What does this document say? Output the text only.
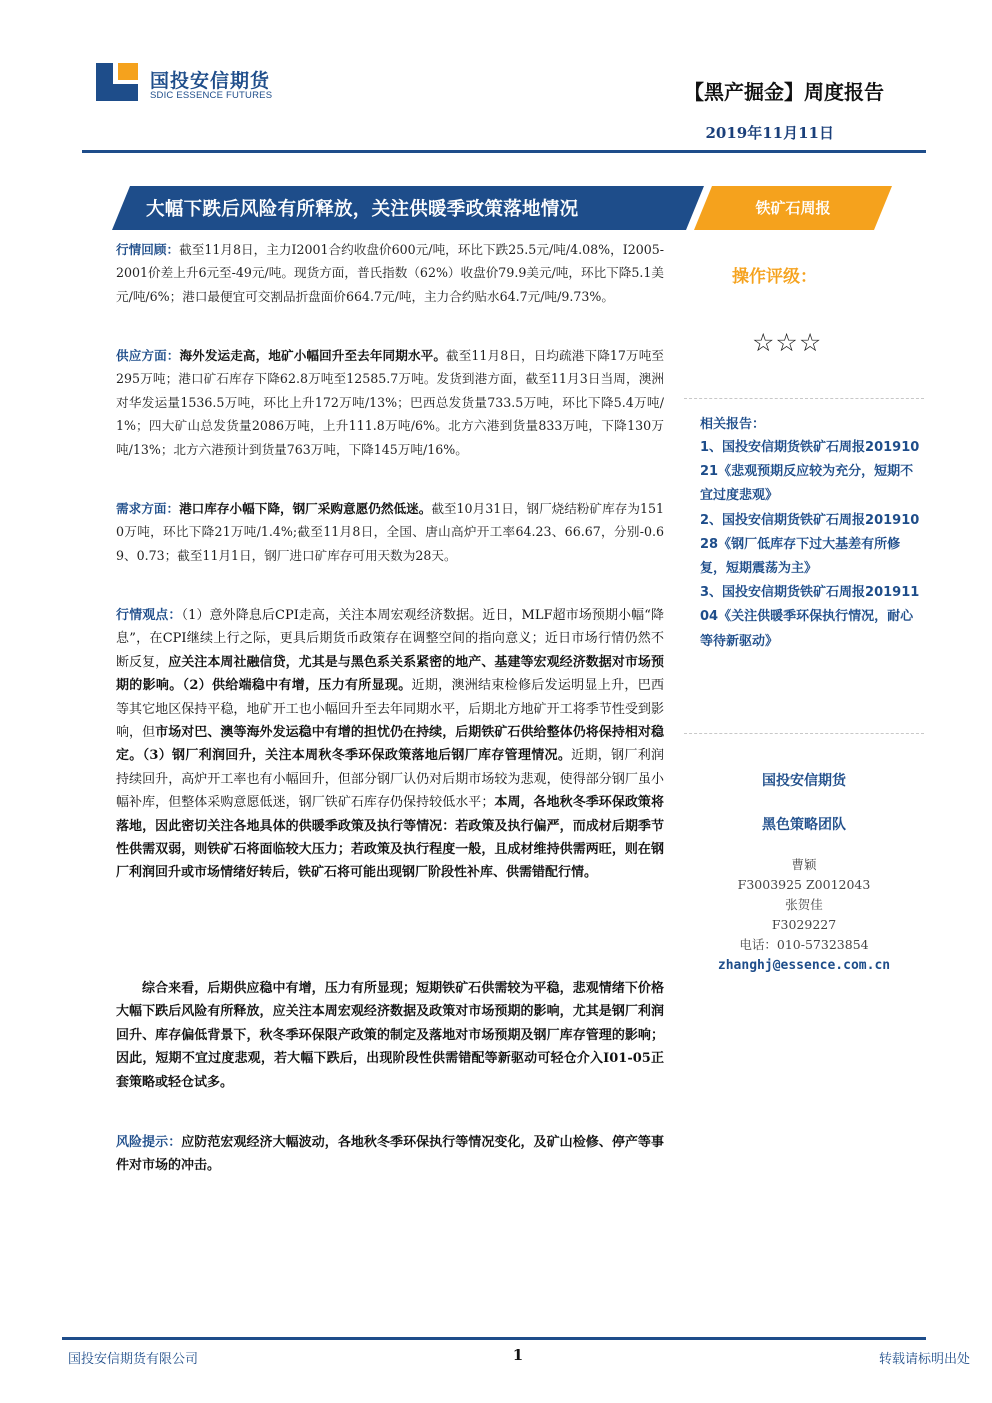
国投安信期货
SDIC ESSENCE FUTURES	【黑产掘金】周度报告
2019年11月11日
大幅下跌后风险有所释放，关注供暖季政策落地情况	铁矿石周报

行情回顾：截至11月8日，主力I2001合约收盘价600元/吨，环比下跌25.5元/吨/4.08%，I2005-2001价差上升6元至-49元/吨。现货方面，普氏指数（62%）收盘价79.9美元/吨，环比下降5.1美元/吨/6%；港口最便宜可交割品折盘面价664.7元/吨，主力合约贴水64.7元/吨/9.73%。

供应方面：海外发运走高，地矿小幅回升至去年同期水平。截至11月8日，日均疏港下降17万吨至295万吨；港口矿石库存下降62.8万吨至12585.7万吨。发货到港方面，截至11月3日当周，澳洲对华发运量1536.5万吨，环比上升172万吨/13%；巴西总发货量733.5万吨，环比下降5.4万吨/1%；四大矿山总发货量2086万吨，上升111.8万吨/6%。北方六港到货量833万吨，下降130万吨/13%；北方六港预计到货量763万吨，下降145万吨/16%。

需求方面：港口库存小幅下降，钢厂采购意愿仍然低迷。截至10月31日，钢厂烧结粉矿库存为1510万吨，环比下降21万吨/1.4%;截至11月8日，全国、唐山高炉开工率64.23、66.67，分别-0.69、0.73；截至11月1日，钢厂进口矿库存可用天数为28天。

行情观点：（1）意外降息后CPI走高，关注本周宏观经济数据。近日，MLF超市场预期小幅“降息”，在CPI继续上行之际，更具后期货币政策存在调整空间的指向意义；近日市场行情仍然不断反复，应关注本周社融信贷，尤其是与黑色系关系紧密的地产、基建等宏观经济数据对市场预期的影响。（2）供给端稳中有增，压力有所显现。近期，澳洲结束检修后发运明显上升，巴西等其它地区保持平稳，地矿开工也小幅回升至去年同期水平，后期北方地矿开工将季节性受到影响，但市场对巴、澳等海外发运稳中有增的担忧仍在持续，后期铁矿石供给整体仍将保持相对稳定。（3）钢厂利润回升，关注本周秋冬季环保政策落地后钢厂库存管理情况。近期，钢厂利润持续回升，高炉开工率也有小幅回升，但部分钢厂认仍对后期市场较为悲观，使得部分钢厂虽小幅补库，但整体采购意愿低迷，钢厂铁矿石库存仍保持较低水平；本周，各地秋冬季环保政策将落地，因此密切关注各地具体的供暖季政策及执行等情况：若政策及执行偏严，而成材后期季节性供需双弱，则铁矿石将面临较大压力；若政策及执行程度一般，且成材维持供需两旺，则在钢厂利润回升或市场情绪好转后，铁矿石将可能出现钢厂阶段性补库、供需错配行情。

综合来看，后期供应稳中有增，压力有所显现；短期铁矿石供需较为平稳，悲观情绪下价格大幅下跌后风险有所释放，应关注本周宏观经济数据及政策对市场预期的影响，尤其是钢厂利润回升、库存偏低背景下，秋冬季环保限产政策的制定及落地对市场预期及钢厂库存管理的影响；因此，短期不宜过度悲观，若大幅下跌后，出现阶段性供需错配等新驱动可轻仓介入I01-05正套策略或轻仓试多。

风险提示：应防范宏观经济大幅波动，各地秋冬季环保执行等情况变化，及矿山检修、停产等事件对市场的冲击。

操作评级：
☆☆☆
相关报告：
1、国投安信期货铁矿石周报20191021《悲观预期反应较为充分，短期不宜过度悲观》
2、国投安信期货铁矿石周报20191028《钢厂低库存下过大基差有所修复，短期震荡为主》
3、国投安信期货铁矿石周报20191104《关注供暖季环保执行情况，耐心等待新驱动》
国投安信期货
黑色策略团队
曹颖
F3003925 Z0012043
张贺佳
F3029227
电话：010-57323854
zhanghj@essence.com.cn
国投安信期货有限公司	1	转载请标明出处
